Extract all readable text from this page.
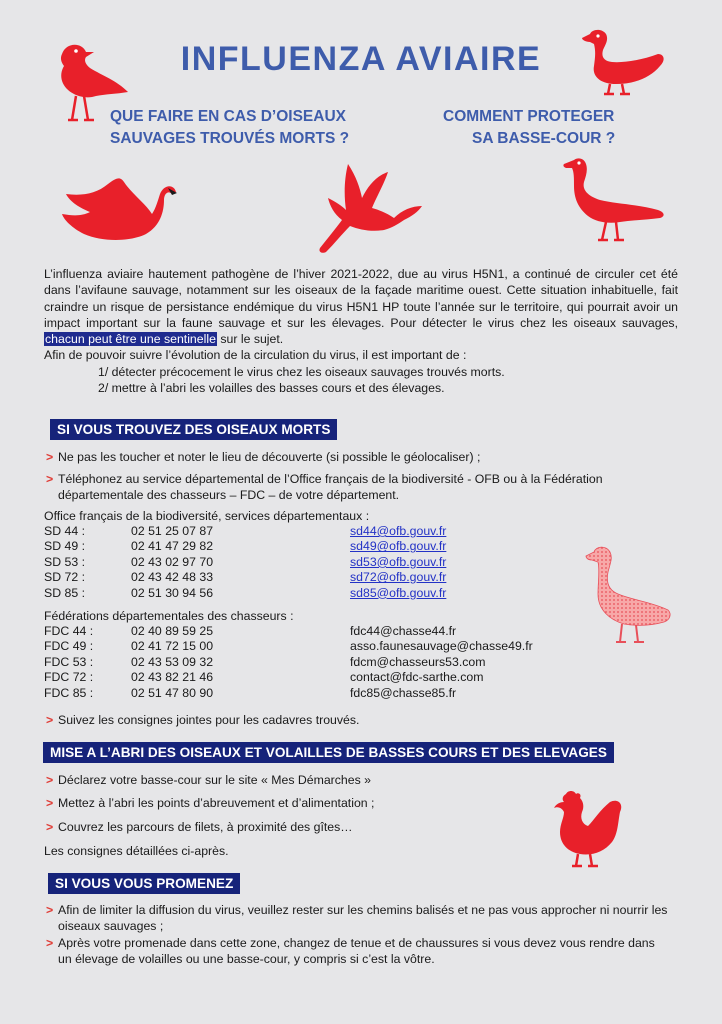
INFLUENZA AVIAIRE
QUE FAIRE EN CAS D’OISEAUX
SAUVAGES TROUVÉS MORTS ?
COMMENT PROTEGER
SA BASSE-COUR ?
L’influenza aviaire hautement pathogène de l’hiver 2021-2022, due au virus H5N1, a continué de circuler cet été dans l’avifaune sauvage, notamment sur les oiseaux de la façade maritime ouest. Cette situation inhabituelle, fait craindre un risque de persistance endémique du virus H5N1 HP toute l’année sur le territoire, qui pourrait avoir un impact important sur la faune sauvage et sur les élevages. Pour détecter le virus chez les oiseaux sauvages, chacun peut être une sentinelle sur le sujet.
Afin de pouvoir suivre l’évolution de la circulation du virus, il est important de :

1/ détecter précocement le virus chez les oiseaux sauvages trouvés morts.
2/ mettre à l’abri les volailles des basses cours et des élevages.
SI VOUS TROUVEZ DES OISEAUX MORTS
> Ne pas les toucher et noter le lieu de découverte (si possible le géolocaliser) ;
> Téléphonez au service départemental de l’Office français de la biodiversité - OFB ou à la Fédération départementale des chasseurs – FDC – de votre département.
Office français de la biodiversité, services départementaux :
SD 44 :	02 51 25 07 87	sd44@ofb.gouv.fr
SD 49 :	02 41 47 29 82	sd49@ofb.gouv.fr
SD 53 :	02 43 02 97 70	sd53@ofb.gouv.fr
SD 72 :	02 43 42 48 33	sd72@ofb.gouv.fr
SD 85 :	02 51 30 94 56	sd85@ofb.gouv.fr
Fédérations départementales des chasseurs :
FDC 44 :	02 40 89 59 25	fdc44@chasse44.fr
FDC 49 :	02 41 72 15 00	asso.faunesauvage@chasse49.fr
FDC 53 :	02 43 53 09 32	fdcm@chasseurs53.com
FDC 72 :	02 43 82 21 46	contact@fdc-sarthe.com
FDC 85 :	02 51 47 80 90	fdc85@chasse85.fr
> Suivez les consignes jointes pour les cadavres trouvés.
MISE A L’ABRI DES OISEAUX ET VOLAILLES DE BASSES COURS ET DES ELEVAGES
> Déclarez votre basse-cour sur le site « Mes Démarches »
> Mettez à l’abri les points d’abreuvement et d’alimentation ;
> Couvrez les parcours de filets, à proximité des gîtes…
Les consignes détaillées ci-après.
SI VOUS VOUS PROMENEZ
> Afin de limiter la diffusion du virus, veuillez rester sur les chemins balisés et ne pas vous approcher ni nourrir les oiseaux sauvages ;
> Après votre promenade dans cette zone, changez de tenue et de chaussures si vous devez vous rendre dans un élevage de volailles ou une basse-cour, y compris si c’est la vôtre.
